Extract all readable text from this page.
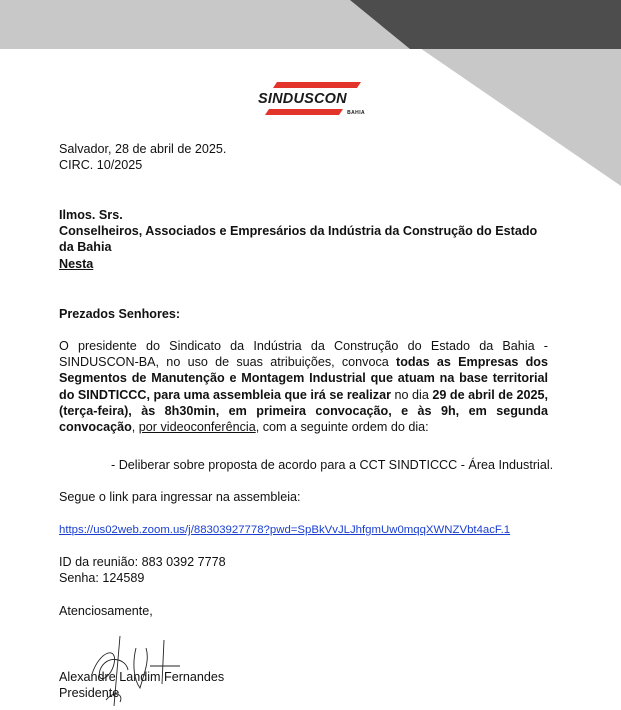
SINDUSCON
BAHIA
Salvador, 28 de abril de 2025.
CIRC. 10/2025
Ilmos. Srs.
Conselheiros, Associados e Empresários da Indústria da Construção do Estado
da Bahia
Nesta
Prezados Senhores:
O presidente do Sindicato da Indústria da Construção do Estado da Bahia - SINDUSCON-BA, no uso de suas atribuições, convoca todas as Empresas dos Segmentos de Manutenção e Montagem Industrial que atuam na base territorial do SINDTICCC, para uma assembleia que irá se realizar no dia 29 de abril de 2025, (terça-feira), às 8h30min, em primeira convocação, e às 9h, em segunda convocação, por videoconferência, com a seguinte ordem do dia:
- Deliberar sobre proposta de acordo para a CCT SINDTICCC - Área Industrial.
Segue o link para ingressar na assembleia:
https://us02web.zoom.us/j/88303927778?pwd=SpBkVvJLJhfgmUw0mqqXWNZVbt4acF.1
ID da reunião: 883 0392 7778
Senha: 124589
Atenciosamente,
Alexandre Landim Fernandes
Presidente
